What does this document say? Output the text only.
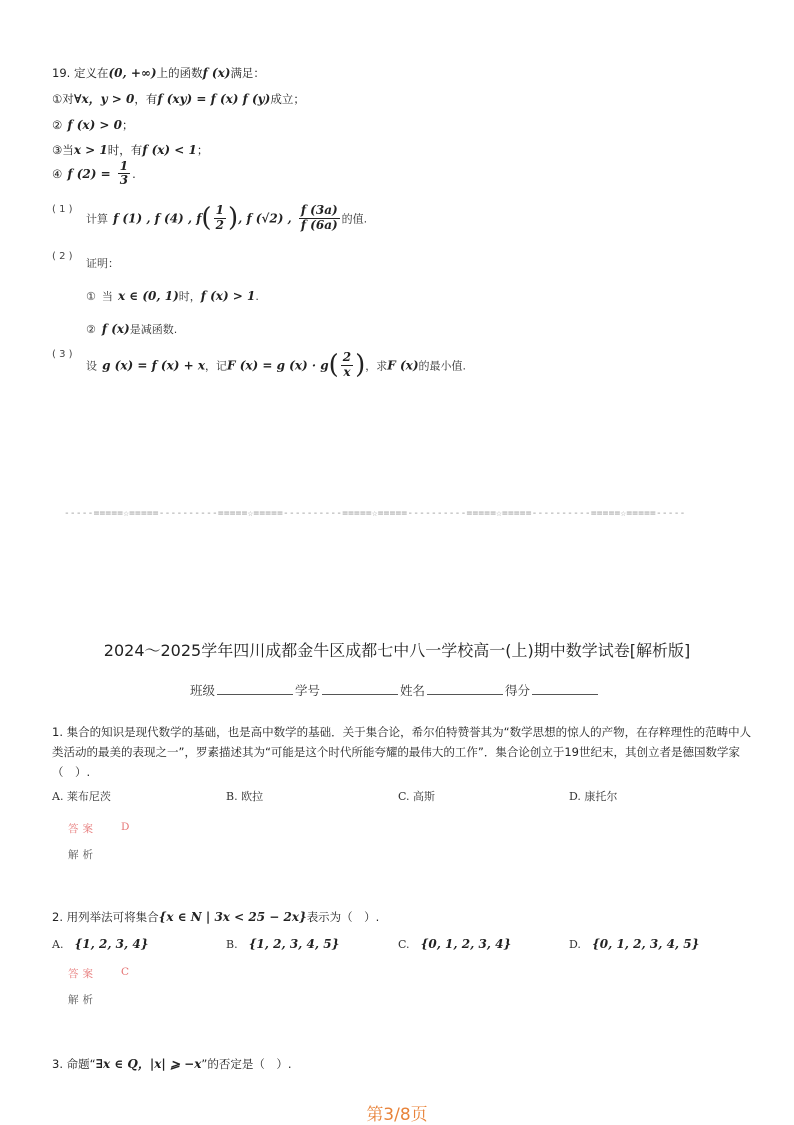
19. 定义在(0, +∞)上的函数f (x)满足：
①对∀x，y > 0，有f (xy) = f (x) f (y)成立；
② f (x) > 0；
③当x > 1时，有f (x) < 1；
④ f $(2) = \frac{1}{3}$ .
( 1 )
计算 f (1) , f (4) , $f( \frac{1}{2}$ ), f (√2) , $\frac{f (3a)}{f (6a)}$ 的值.
( 2 )
证明：
① 当 x ∈ (0, 1)时，f (x) > 1.
② f (x)是减函数.
( 3 )
设 g (x) = f (x) + x，记F (x) = g $(x) \cdot g( \frac{2}{x}$ )，求F (x)的最小值.
-----=====☆=====----------=====☆=====----------=====☆=====----------=====☆=====----------=====☆=====-----
2024～2025学年四川成都金牛区成都七中八一学校高一(上)期中数学试卷[解析版]
班级	学号	姓名	得分
1. 集合的知识是现代数学的基础，也是高中数学的基础．关于集合论，希尔伯特赞誉其为“数学思想的惊人的产物，在存粹理性的范畴中人类活动的最美的表现之一”，罗素描述其为“可能是这个时代所能夸耀的最伟大的工作”．集合论创立于19世纪末，其创立者是德国数学家（　）.
A. 莱布尼茨	B. 欧拉	C. 高斯	D. 康托尔
答案 D
解析
2. 用列举法可将集合{x ∈ N | 3x < 25 − 2x}表示为（　）.
A. {1, 2, 3, 4}	B. {1, 2, 3, 4, 5}	C. {0, 1, 2, 3, 4}	D. {0, 1, 2, 3, 4, 5}
答案 C
解析
3. 命题“∃x ∈ Q，|x| ⩾ −x”的否定是（　）.
第3/8页
